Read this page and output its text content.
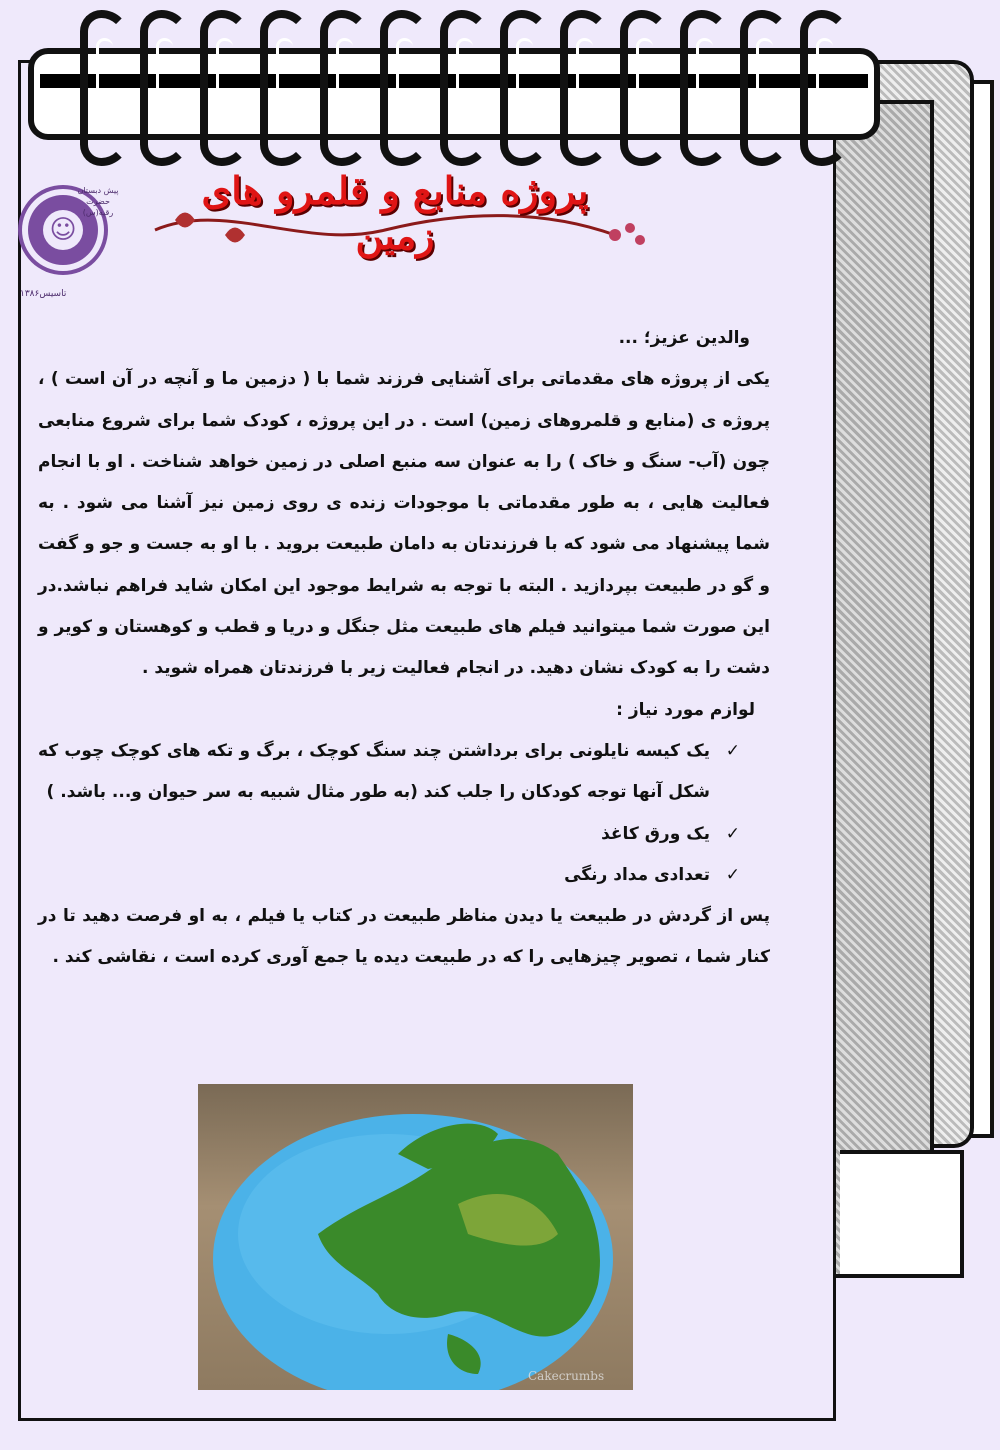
☺
پیش دبستان
حضرت
رقیه(س)
تاسیس۱۳۸۶
پروژه منابع و قلمرو های زمین

والدین عزیز؛ ...

یکی از پروژه های مقدماتی برای آشنایی فرزند شما با ( دزمین ما و آنچه در آن است ) ، پروژه ی (منابع و قلمروهای زمین) است . در این پروژه ، کودک شما برای شروع منابعی چون (آب- سنگ و خاک ) را به عنوان سه منبع اصلی در زمین خواهد شناخت . او با انجام فعالیت هایی ، به طور مقدماتی با موجودات زنده ی روی زمین نیز آشنا می شود . به شما پیشنهاد می شود که با فرزندتان به دامان طبیعت بروید . با او به جست و جو و گفت و گو در طبیعت بپردازید . البته با توجه به شرایط موجود این امکان شاید فراهم نباشد.در این صورت شما میتوانید فیلم های طبیعت مثل جنگل و دریا و قطب و کوهستان و کویر و دشت را به کودک نشان دهید. در انجام فعالیت زیر با فرزندتان همراه شوید .

لوازم مورد نیاز :

✓
یک کیسه نایلونی برای برداشتن چند سنگ کوچک ، برگ و تکه های کوچک چوب که شکل آنها توجه کودکان را جلب کند (به طور مثال شبیه به سر حیوان و... باشد. )
✓
یک ورق کاغذ
✓
تعدادی مداد رنگی

پس از گردش در طبیعت یا دیدن مناظر طبیعت در کتاب یا فیلم ، به او فرصت دهید تا در کنار شما ، تصویر چیزهایی را که در طبیعت دیده یا جمع آوری کرده است ، نقاشی کند .

Cakecrumbs
